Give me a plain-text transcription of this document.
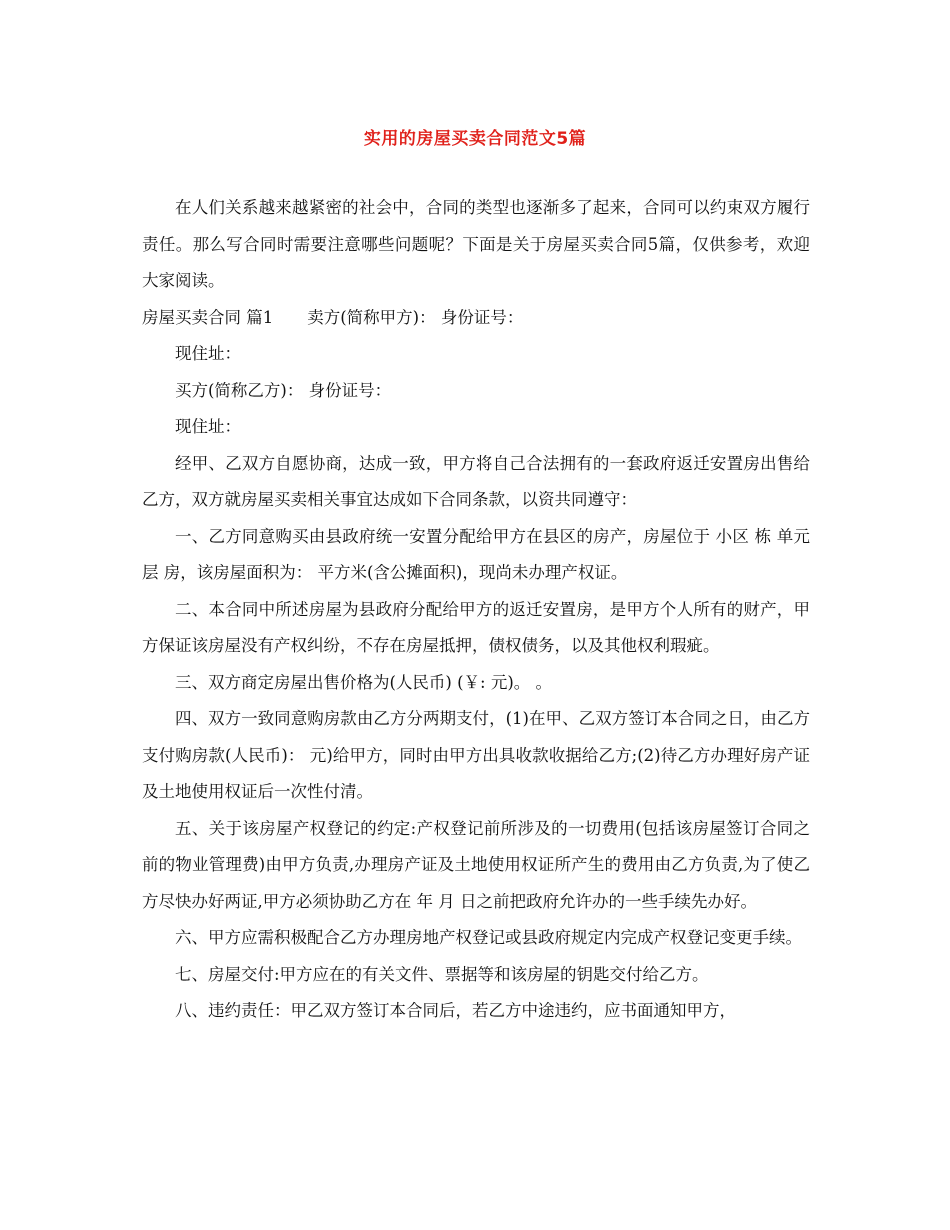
实用的房屋买卖合同范文5篇

在人们关系越来越紧密的社会中，合同的类型也逐渐多了起来，合同可以约束双方履行责任。那么写合同时需要注意哪些问题呢？下面是关于房屋买卖合同5篇，仅供参考，欢迎大家阅读。

房屋买卖合同 篇1 卖方(简称甲方)： 身份证号：

现住址：

买方(简称乙方)： 身份证号：

现住址：

经甲、乙双方自愿协商，达成一致，甲方将自己合法拥有的一套政府返迁安置房出售给乙方，双方就房屋买卖相关事宜达成如下合同条款，以资共同遵守：

一、乙方同意购买由县政府统一安置分配给甲方在县区的房产，房屋位于 小区 栋 单元 层 房，该房屋面积为： 平方米(含公摊面积)，现尚未办理产权证。

二、本合同中所述房屋为县政府分配给甲方的返迁安置房，是甲方个人所有的财产，甲方保证该房屋没有产权纠纷，不存在房屋抵押，债权债务，以及其他权利瑕疵。

三、双方商定房屋出售价格为(人民币) (￥: 元)。 。

四、双方一致同意购房款由乙方分两期支付，(1)在甲、乙双方签订本合同之日，由乙方支付购房款(人民币)： 元)给甲方，同时由甲方出具收款收据给乙方;(2)待乙方办理好房产证及土地使用权证后一次性付清。

五、关于该房屋产权登记的约定:产权登记前所涉及的一切费用(包括该房屋签订合同之前的物业管理费)由甲方负责,办理房产证及土地使用权证所产生的费用由乙方负责,为了使乙方尽快办好两证,甲方必须协助乙方在 年 月 日之前把政府允许办的一些手续先办好。

六、甲方应需积极配合乙方办理房地产权登记或县政府规定内完成产权登记变更手续。

七、房屋交付:甲方应在的有关文件、票据等和该房屋的钥匙交付给乙方。

八、违约责任：甲乙双方签订本合同后，若乙方中途违约，应书面通知甲方，
